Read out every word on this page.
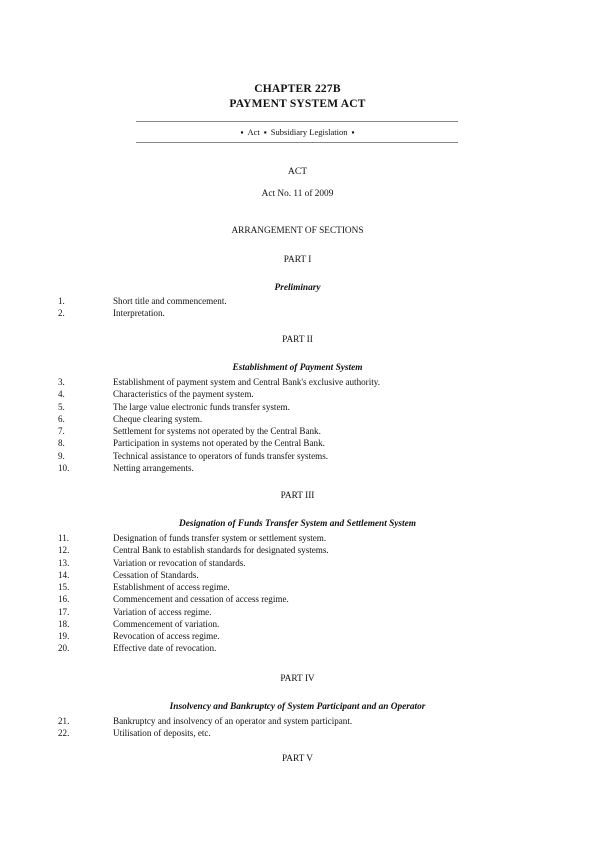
CHAPTER 227B
PAYMENT SYSTEM ACT
▪ Act ▪ Subsidiary Legislation ▪
ACT
Act No. 11 of 2009
ARRANGEMENT OF SECTIONS
PART I
Preliminary
1.	Short title and commencement.
2.	Interpretation.
PART II
Establishment of Payment System
3.	Establishment of payment system and Central Bank's exclusive authority.
4.	Characteristics of the payment system.
5.	The large value electronic funds transfer system.
6.	Cheque clearing system.
7.	Settlement for systems not operated by the Central Bank.
8.	Participation in systems not operated by the Central Bank.
9.	Technical assistance to operators of funds transfer systems.
10.	Netting arrangements.
PART III
Designation of Funds Transfer System and Settlement System
11.	Designation of funds transfer system or settlement system.
12.	Central Bank to establish standards for designated systems.
13.	Variation or revocation of standards.
14.	Cessation of Standards.
15.	Establishment of access regime.
16.	Commencement and cessation of access regime.
17.	Variation of access regime.
18.	Commencement of variation.
19.	Revocation of access regime.
20.	Effective date of revocation.
PART IV
Insolvency and Bankruptcy of System Participant and an Operator
21.	Bankruptcy and insolvency of an operator and system participant.
22.	Utilisation of deposits, etc.
PART V
